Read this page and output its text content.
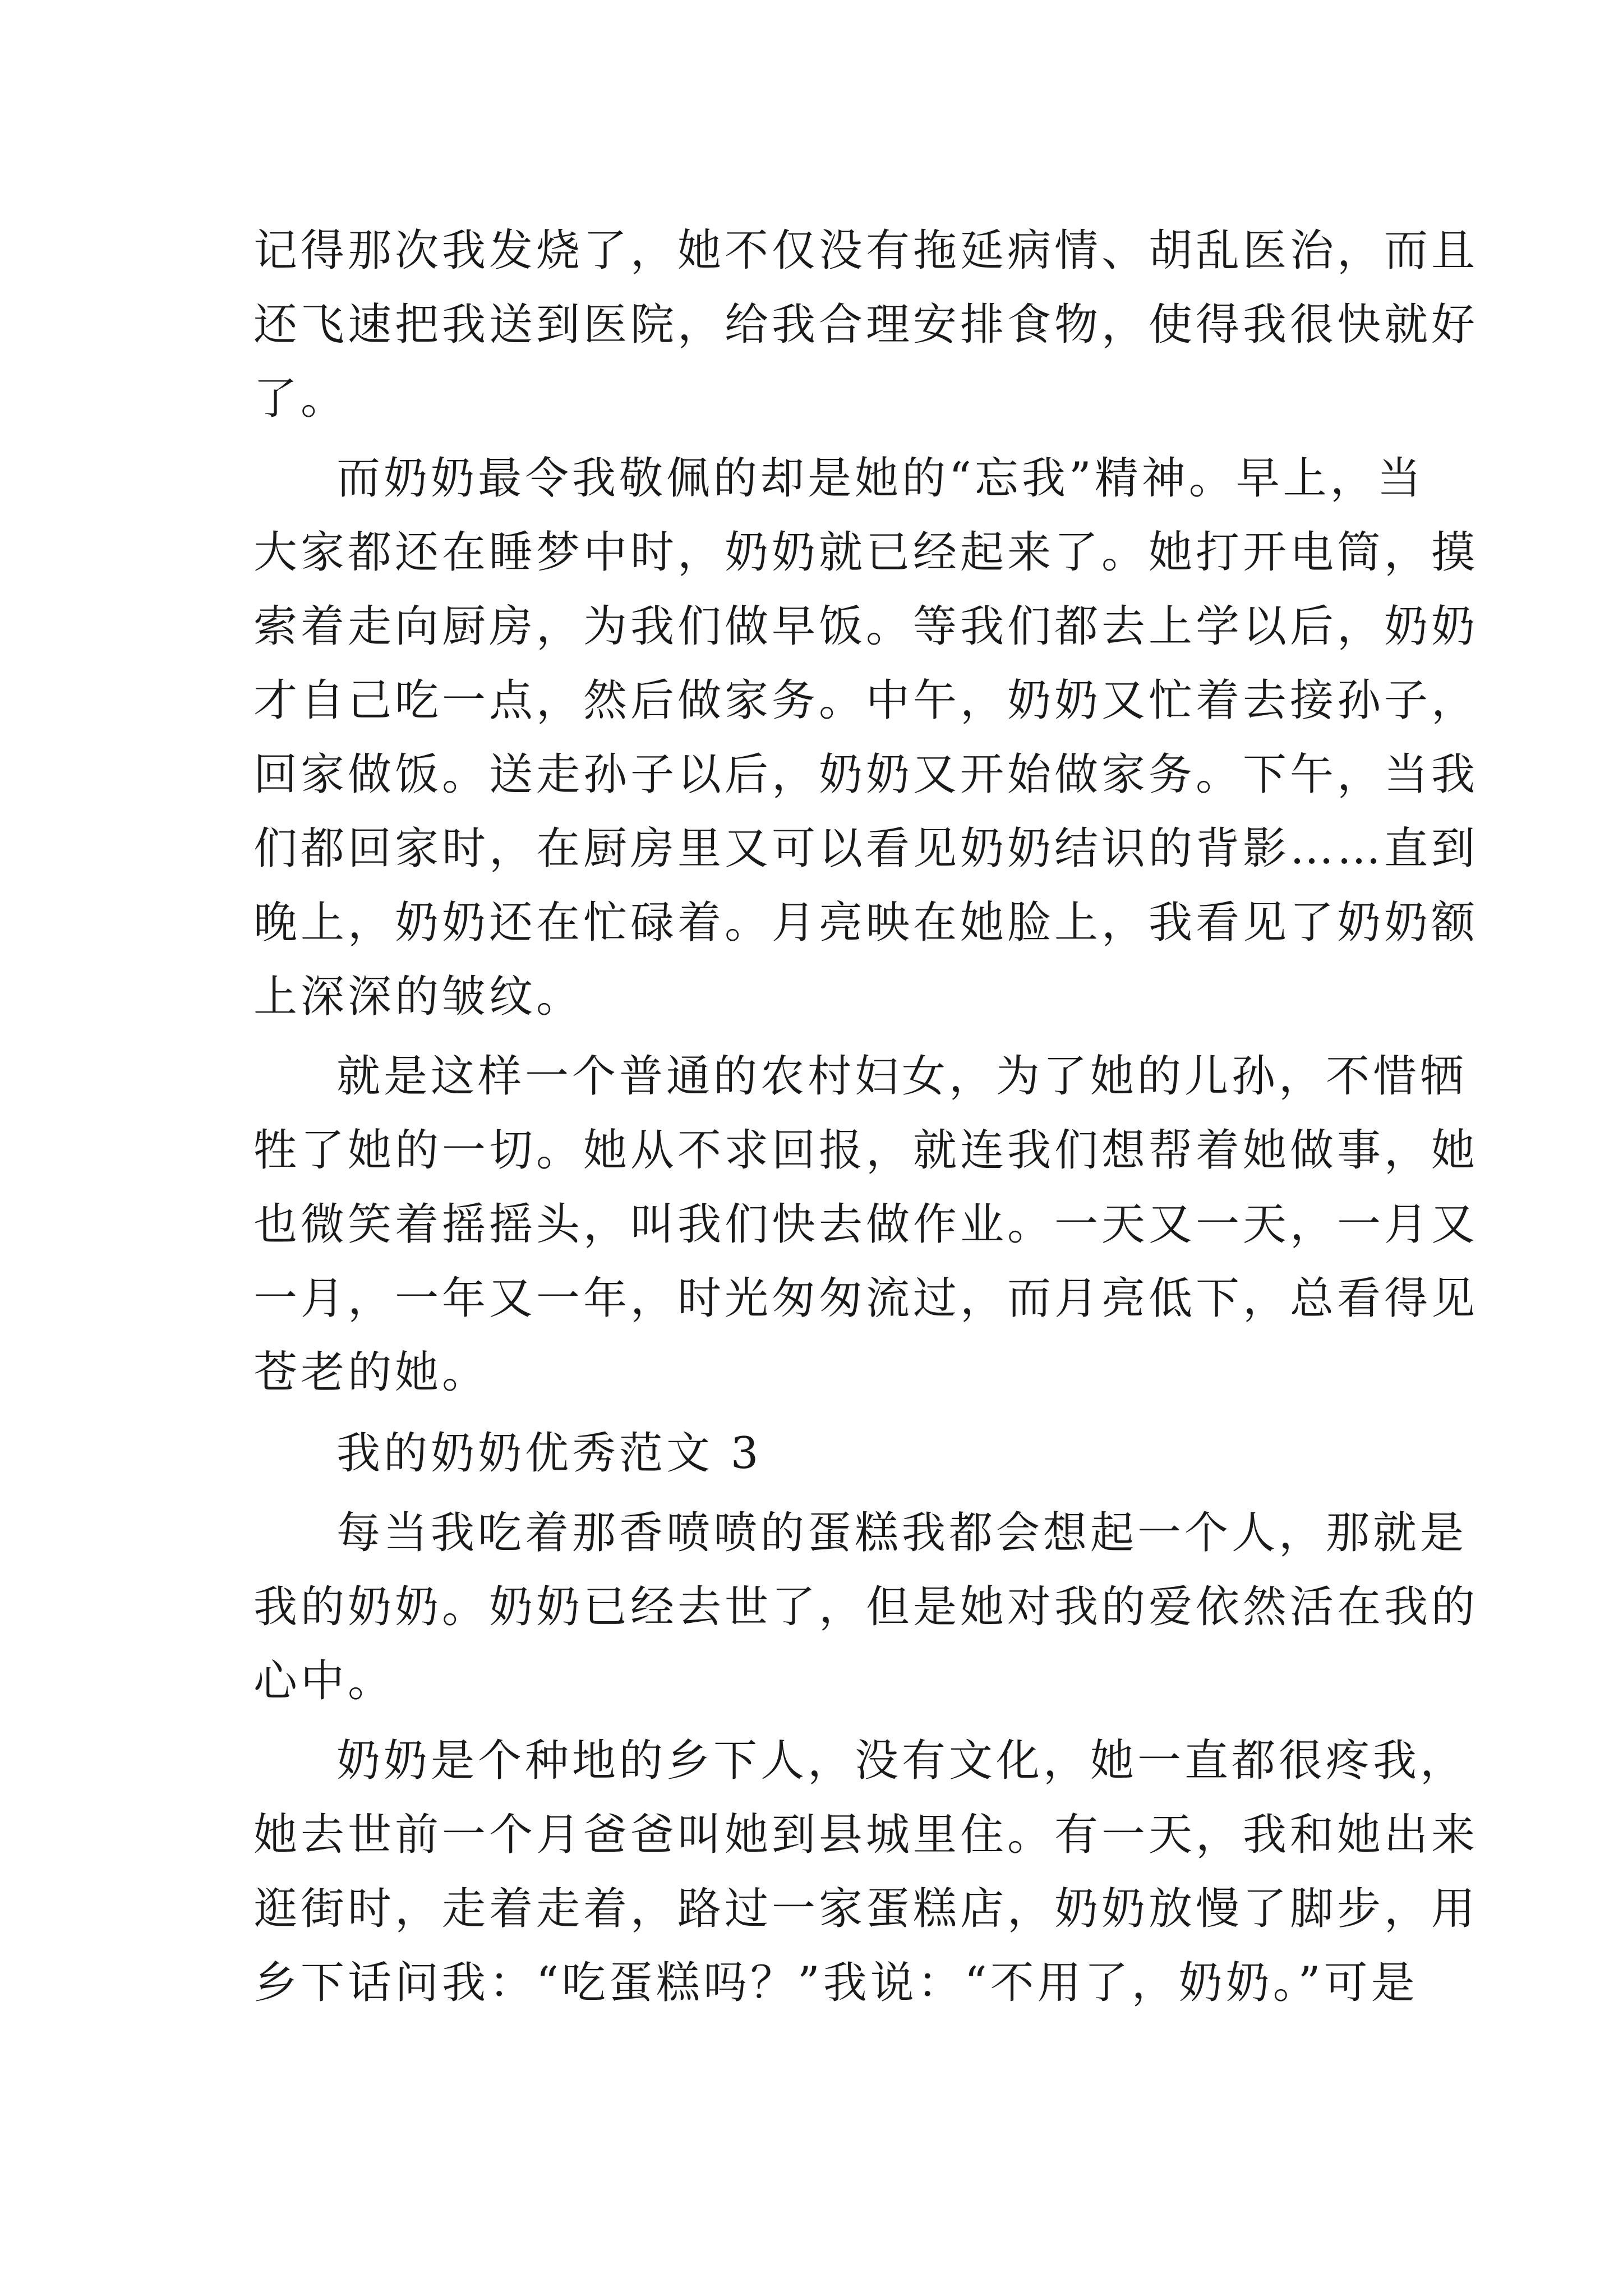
记得那次我发烧了，她不仅没有拖延病情、胡乱医治，而且
还飞速把我送到医院，给我合理安排食物，使得我很快就好
了。
而奶奶最令我敬佩的却是她的“忘我”精神。早上，当
大家都还在睡梦中时，奶奶就已经起来了。她打开电筒，摸
索着走向厨房，为我们做早饭。等我们都去上学以后，奶奶
才自己吃一点，然后做家务。中午，奶奶又忙着去接孙子，
回家做饭。送走孙子以后，奶奶又开始做家务。下午，当我
们都回家时，在厨房里又可以看见奶奶结识的背影……直到
晚上，奶奶还在忙碌着。月亮映在她脸上，我看见了奶奶额
上深深的皱纹。
就是这样一个普通的农村妇女，为了她的儿孙，不惜牺
牲了她的一切。她从不求回报，就连我们想帮着她做事，她
也微笑着摇摇头，叫我们快去做作业。一天又一天，一月又
一月，一年又一年，时光匆匆流过，而月亮低下，总看得见
苍老的她。
我的奶奶优秀范文 3
每当我吃着那香喷喷的蛋糕我都会想起一个人，那就是
我的奶奶。奶奶已经去世了，但是她对我的爱依然活在我的
心中。
奶奶是个种地的乡下人，没有文化，她一直都很疼我，
她去世前一个月爸爸叫她到县城里住。有一天，我和她出来
逛街时，走着走着，路过一家蛋糕店，奶奶放慢了脚步，用
乡下话问我：“吃蛋糕吗？”我说：“不用了，奶奶。”可是
